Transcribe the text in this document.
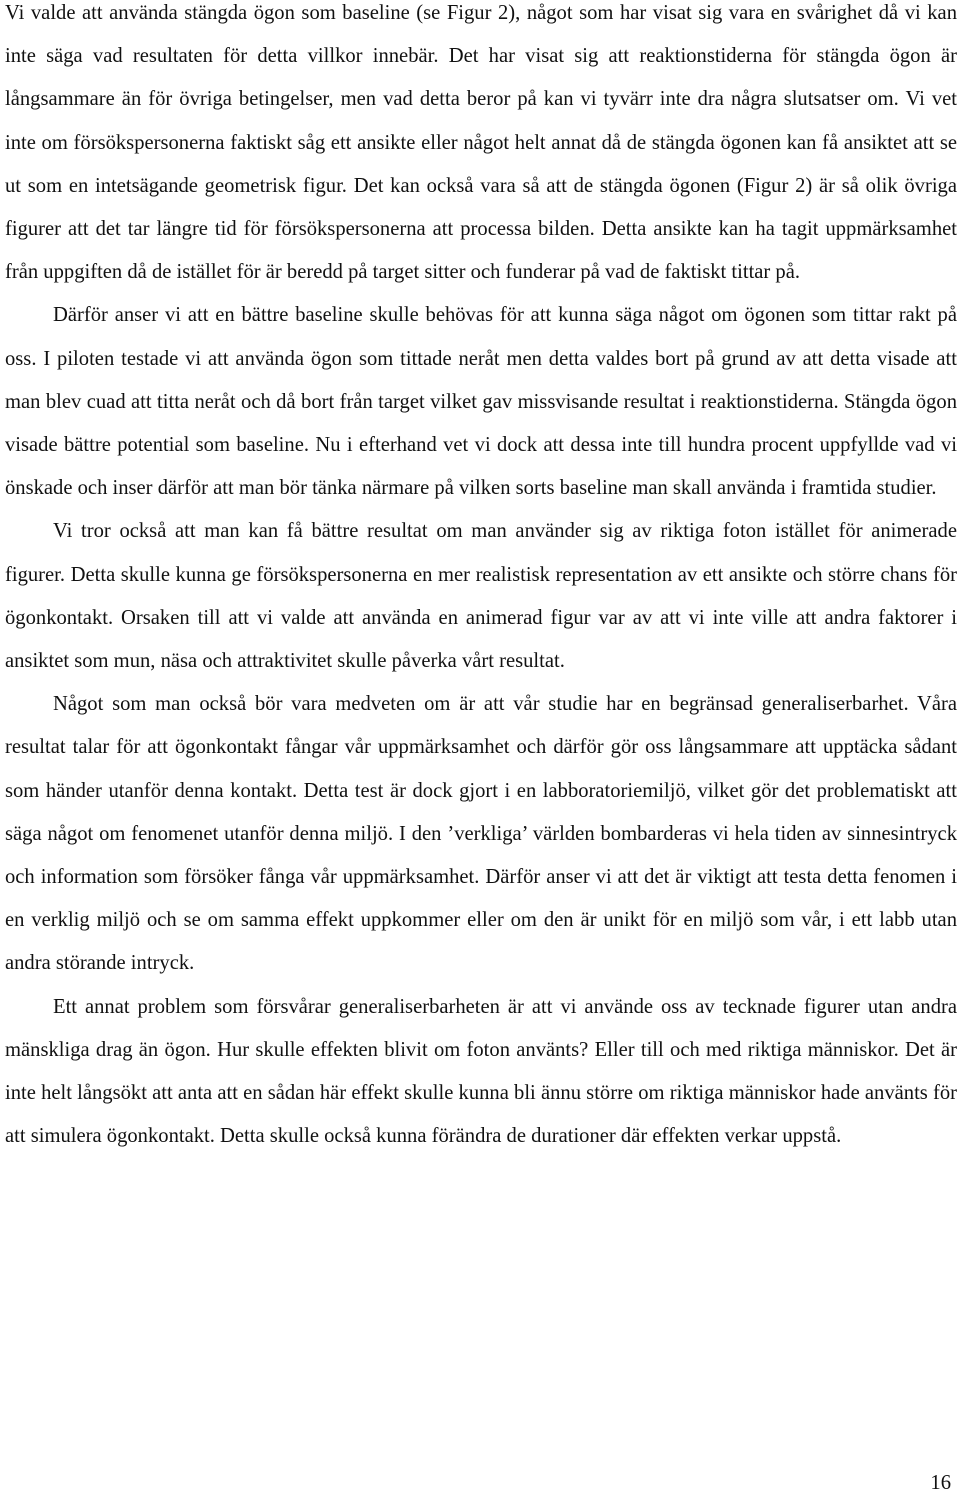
Vi valde att använda stängda ögon som baseline (se Figur 2), något som har visat sig vara en svårighet då vi kan inte säga vad resultaten för detta villkor innebär. Det har visat sig att reaktionstiderna för stängda ögon är långsammare än för övriga betingelser, men vad detta beror på kan vi tyvärr inte dra några slutsatser om. Vi vet inte om försökspersonerna faktiskt såg ett ansikte eller något helt annat då de stängda ögonen kan få ansiktet att se ut som en intetsägande geometrisk figur. Det kan också vara så att de stängda ögonen (Figur 2) är så olik övriga figurer att det tar längre tid för försökspersonerna att processa bilden. Detta ansikte kan ha tagit uppmärksamhet från uppgiften då de istället för är beredd på target sitter och funderar på vad de faktiskt tittar på.

Därför anser vi att en bättre baseline skulle behövas för att kunna säga något om ögonen som tittar rakt på oss. I piloten testade vi att använda ögon som tittade neråt men detta valdes bort på grund av att detta visade att man blev cuad att titta neråt och då bort från target vilket gav missvisande resultat i reaktionstiderna. Stängda ögon visade bättre potential som baseline. Nu i efterhand vet vi dock att dessa inte till hundra procent uppfyllde vad vi önskade och inser därför att man bör tänka närmare på vilken sorts baseline man skall använda i framtida studier.

Vi tror också att man kan få bättre resultat om man använder sig av riktiga foton istället för animerade figurer. Detta skulle kunna ge försökspersonerna en mer realistisk representation av ett ansikte och större chans för ögonkontakt. Orsaken till att vi valde att använda en animerad figur var av att vi inte ville att andra faktorer i ansiktet som mun, näsa och attraktivitet skulle påverka vårt resultat.

Något som man också bör vara medveten om är att vår studie har en begränsad generaliserbarhet. Våra resultat talar för att ögonkontakt fångar vår uppmärksamhet och därför gör oss långsammare att upptäcka sådant som händer utanför denna kontakt. Detta test är dock gjort i en labboratoriemiljö, vilket gör det problematiskt att säga något om fenomenet utanför denna miljö. I den ’verkliga’ världen bombarderas vi hela tiden av sinnesintryck och information som försöker fånga vår uppmärksamhet. Därför anser vi att det är viktigt att testa detta fenomen i en verklig miljö och se om samma effekt uppkommer eller om den är unikt för en miljö som vår, i ett labb utan andra störande intryck.

Ett annat problem som försvårar generaliserbarheten är att vi använde oss av tecknade figurer utan andra mänskliga drag än ögon. Hur skulle effekten blivit om foton använts? Eller till och med riktiga människor. Det är inte helt långsökt att anta att en sådan här effekt skulle kunna bli ännu större om riktiga människor hade använts för att simulera ögonkontakt. Detta skulle också kunna förändra de durationer där effekten verkar uppstå.

16
